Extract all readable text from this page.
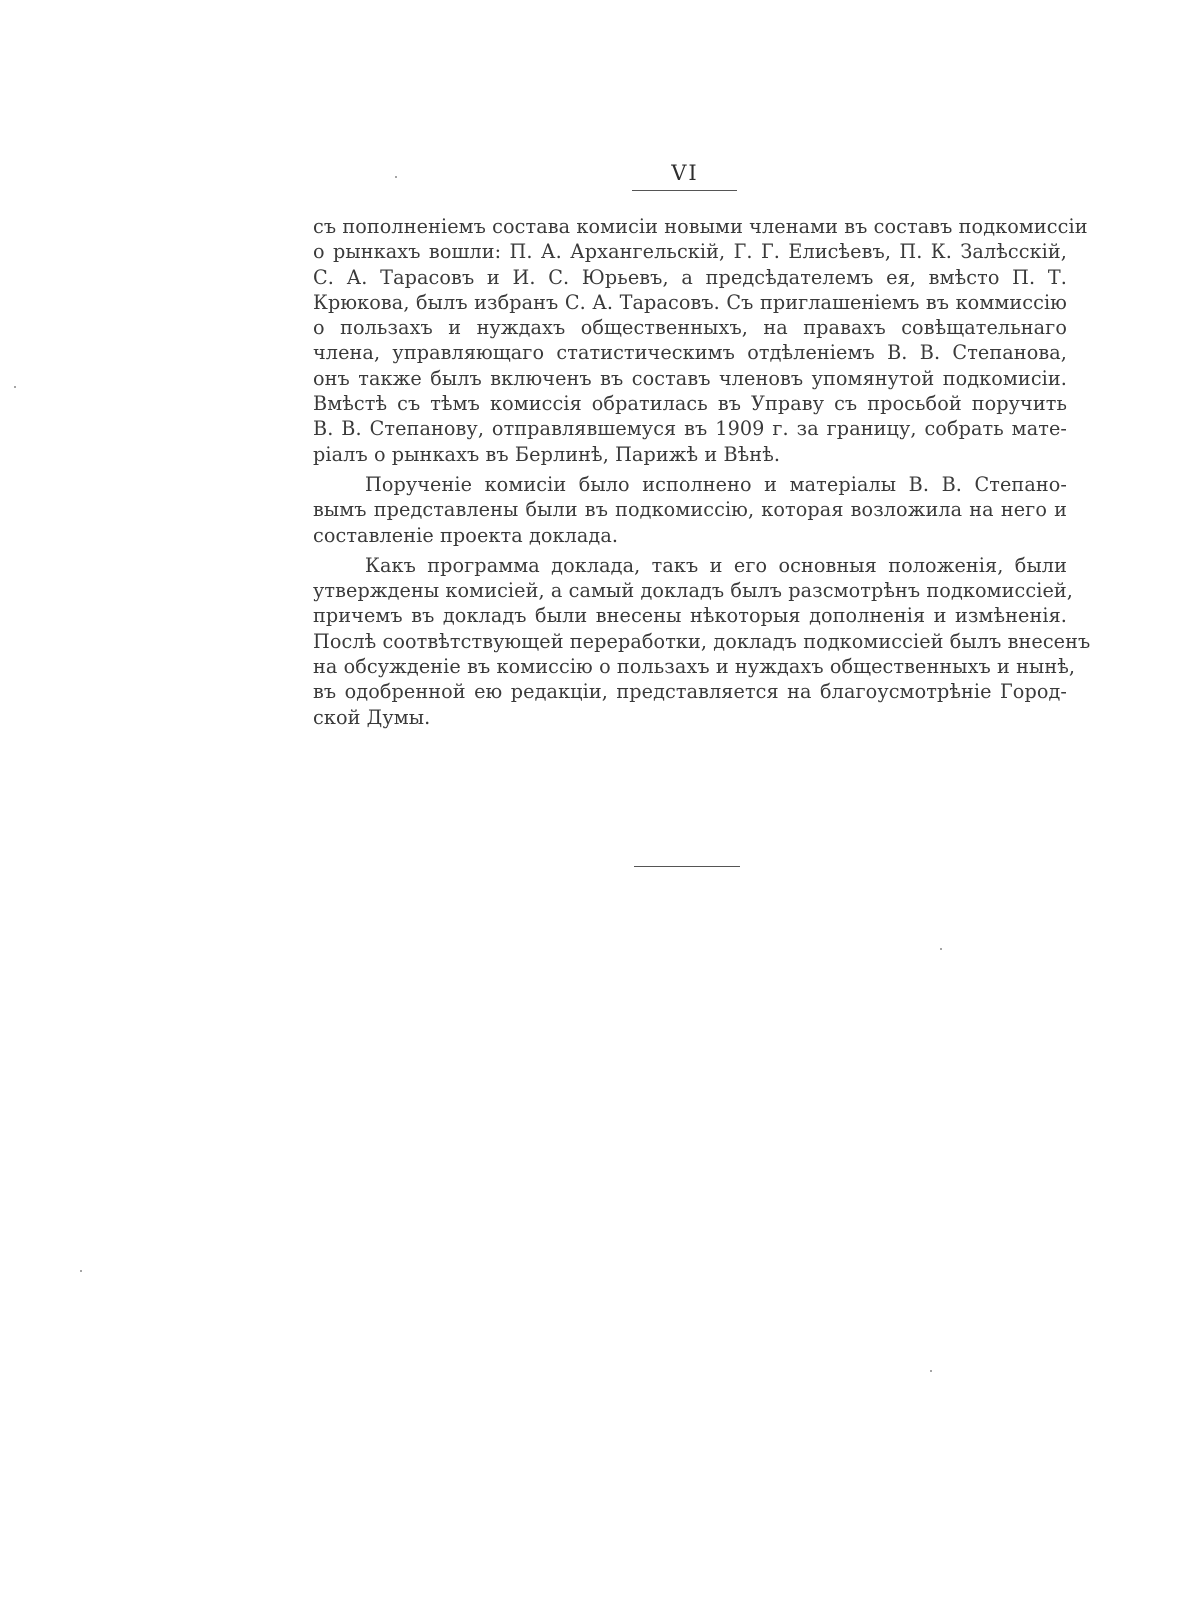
VI
съ пополненіемъ состава комисіи новыми членами въ составъ подкомиссіи
о рынкахъ вошли: П. А. Архангельскій, Г. Г. Елисѣевъ, П. К. Залѣсскій,
С. А. Тарасовъ и И. С. Юрьевъ, а предсѣдателемъ ея, вмѣсто П. Т.
Крюкова, былъ избранъ С. А. Тарасовъ. Съ приглашеніемъ въ коммиссію
о пользахъ и нуждахъ общественныхъ, на правахъ совѣщательнаго
члена, управляющаго статистическимъ отдѣленіемъ В. В. Степанова,
онъ также былъ включенъ въ составъ членовъ упомянутой подкомисіи.
Вмѣстѣ съ тѣмъ комиссія обратилась въ Управу съ просьбой поручить
В. В. Степанову, отправлявшемуся въ 1909 г. за границу, собрать мате-
ріалъ о рынкахъ въ Берлинѣ, Парижѣ и Вѣнѣ.
Порученіе комисіи было исполнено и матеріалы В. В. Степано-
вымъ представлены были въ подкомиссію, которая возложила на него и
составленіе проекта доклада.
Какъ программа доклада, такъ и его основныя положенія, были
утверждены комисіей, а самый докладъ былъ разсмотрѣнъ подкомиссіей,
причемъ въ докладъ были внесены нѣкоторыя дополненія и измѣненія.
Послѣ соотвѣтствующей переработки, докладъ подкомиссіей былъ внесенъ
на обсужденіе въ комиссію о пользахъ и нуждахъ общественныхъ и нынѣ,
въ одобренной ею редакціи, представляется на благоусмотрѣніе Город-
ской Думы.
